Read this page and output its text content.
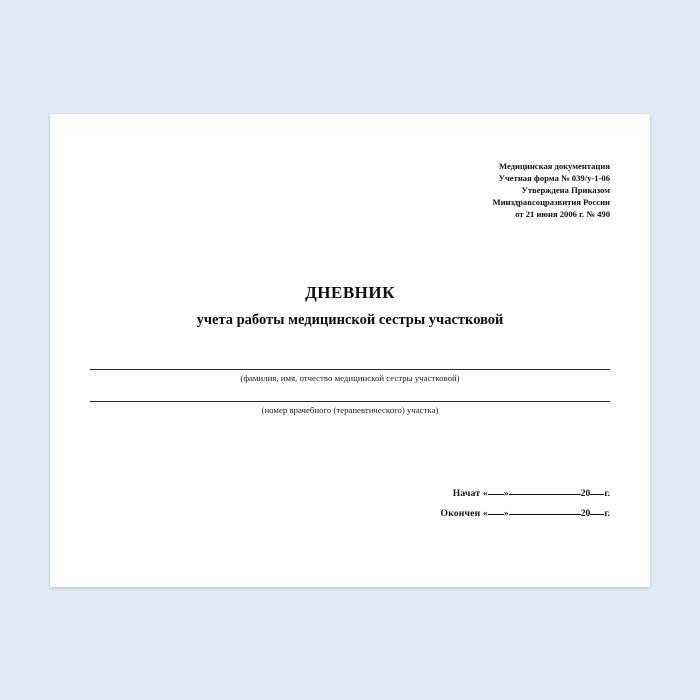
Медицинская документация
Учетная форма № 039/у-1-06
Утверждена Приказом
Минздравсоцразвития России
от 21 июня 2006 г. № 490
ДНЕВНИК
учета работы медицинской сестры участковой
(фамилия, имя, отчество медицинской сестры участковой)
(номер врачебного (терапевтического) участка)
Начат « »	20 г.
Окончен « »	20 г.
